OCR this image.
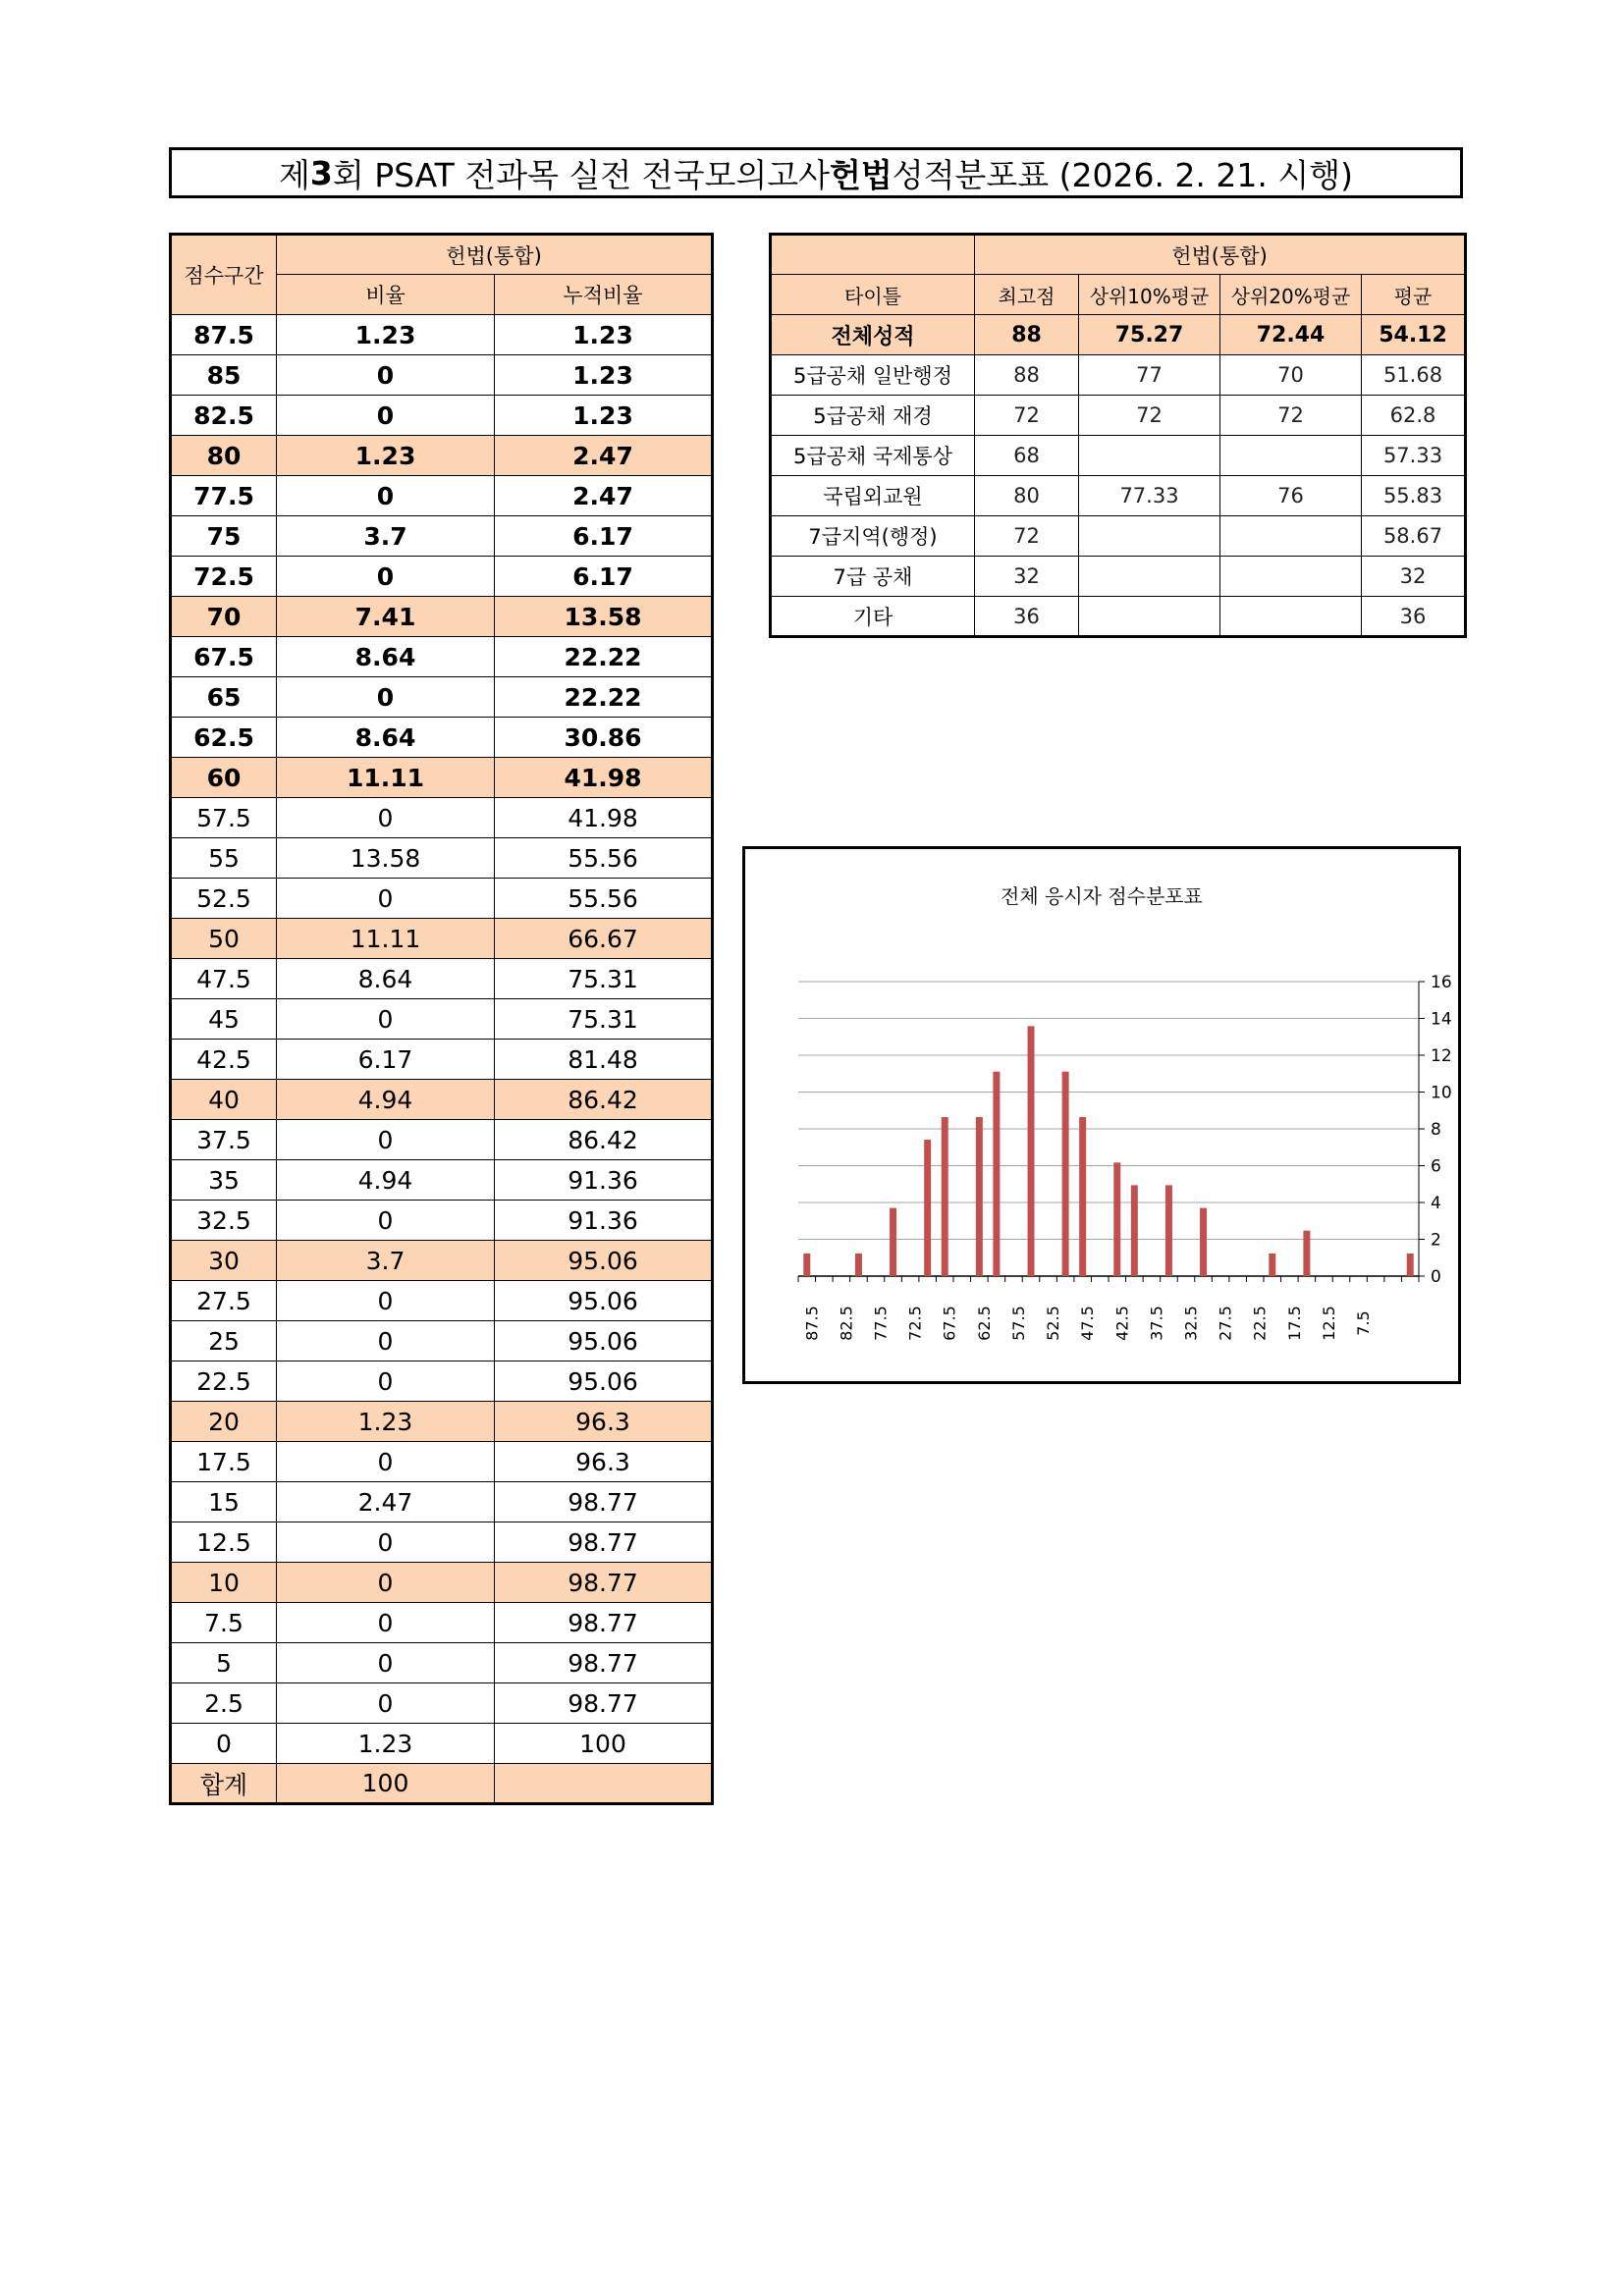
제 3 회 PSAT 전과목 실전 전국모의고사 헌법 성적분포표 (2026. 2. 21. 시행)
점수구간	헌법(통합)	
	비율	누적비율
87.5	1.23	1.23
85	0	1.23
82.5	0	1.23
80	1.23	2.47
77.5	0	2.47
75	3.7	6.17
72.5	0	6.17
70	7.41	13.58
67.5	8.64	22.22
65	0	22.22
62.5	8.64	30.86
60	11.11	41.98
57.5	0	41.98
55	13.58	55.56
52.5	0	55.56
50	11.11	66.67
47.5	8.64	75.31
45	0	75.31
42.5	6.17	81.48
40	4.94	86.42
37.5	0	86.42
35	4.94	91.36
32.5	0	91.36
30	3.7	95.06
27.5	0	95.06
25	0	95.06
22.5	0	95.06
20	1.23	96.3
17.5	0	96.3
15	2.47	98.77
12.5	0	98.77
10	0	98.77
7.5	0	98.77
5	0	98.77
2.5	0	98.77
0	1.23	100
합계	100	
	헌법(통합)			
타이틀	최고점	상위10%평균	상위20%평균	평균
전체성적	88	75.27	72.44	54.12
5급공채 일반행정	88	77	70	51.68
5급공채 재경	72	72	72	62.8
5급공채 국제통상	68			57.33
국립외교원	80	77.33	76	55.83
7급지역(행정)	72			58.67
7급 공채	32			32
기타	36			36
전체 응시자 점수분포표
0
2
4
6
8
10
12
14
16
7.5
12.5
17.5
22.5
27.5
32.5
37.5
42.5
47.5
52.5
57.5
62.5
67.5
72.5
77.5
82.5
87.5
